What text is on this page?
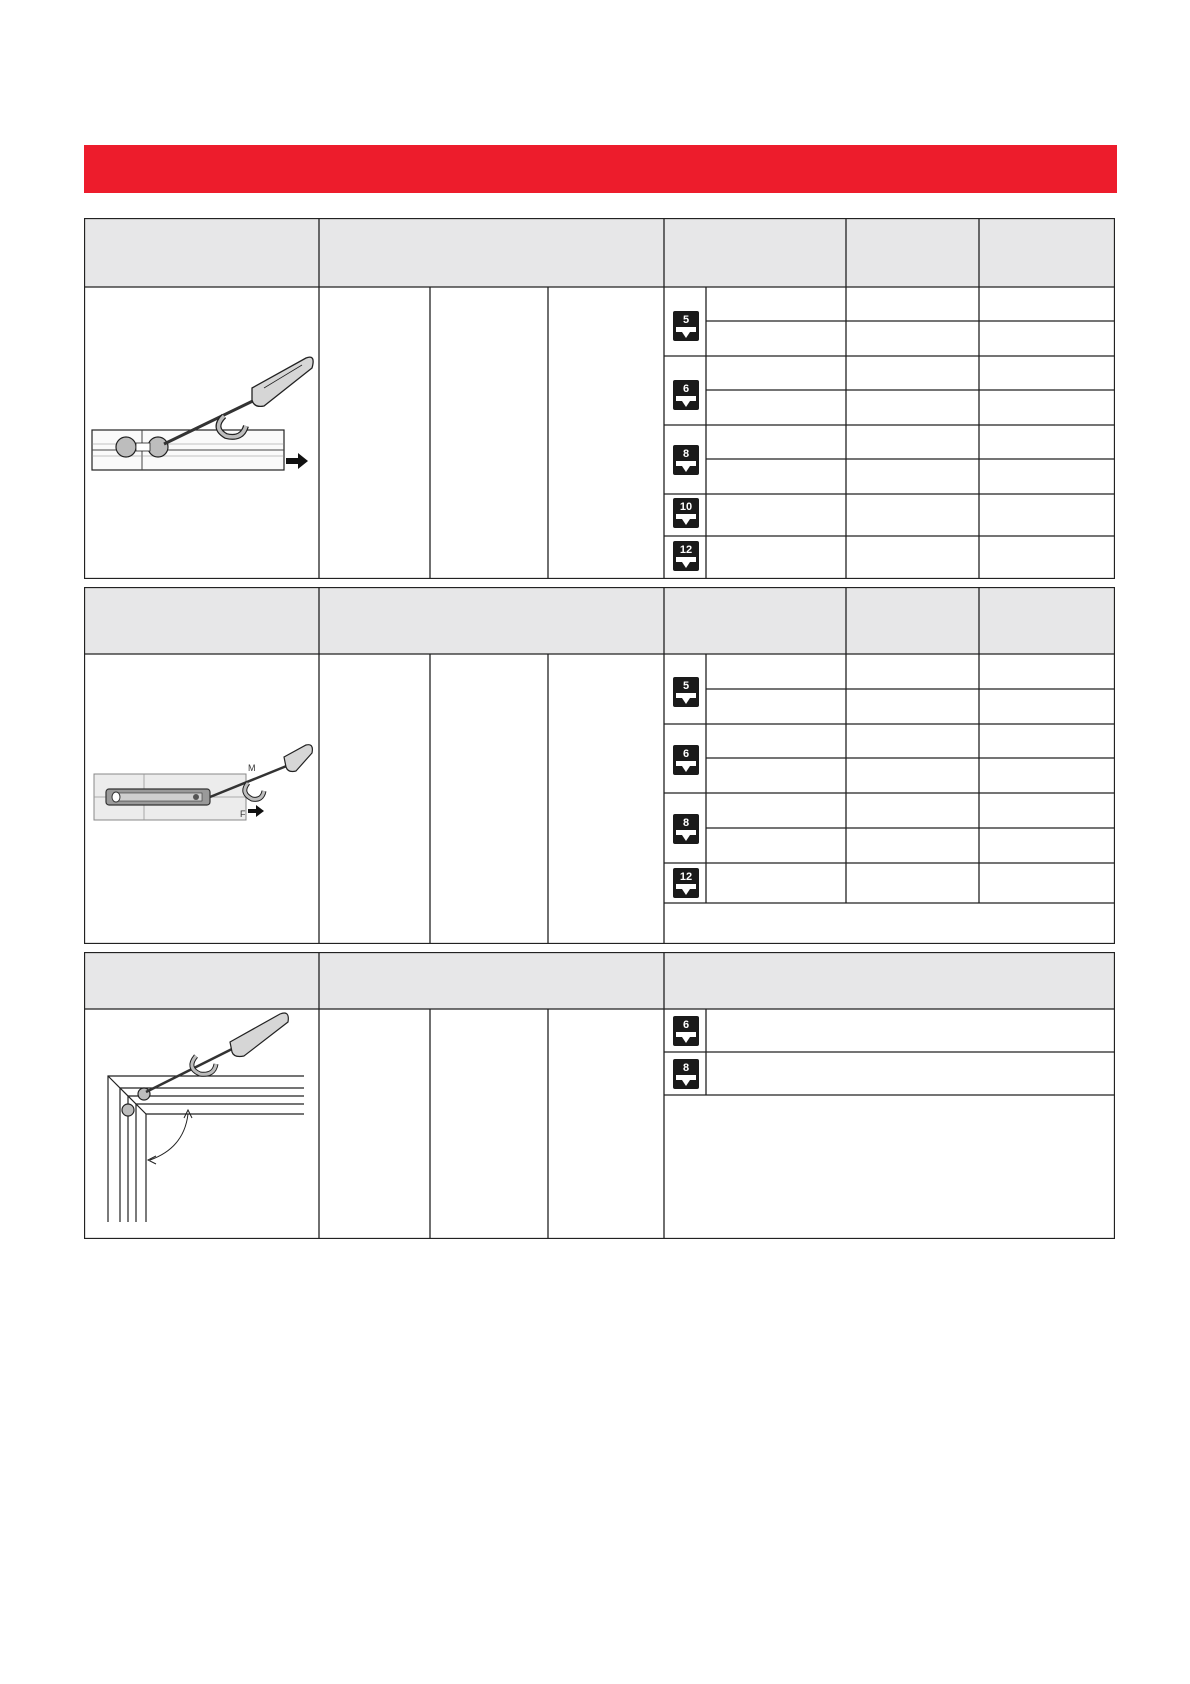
5
6
8
10
12
5
6
8
12
M
F
6
8
